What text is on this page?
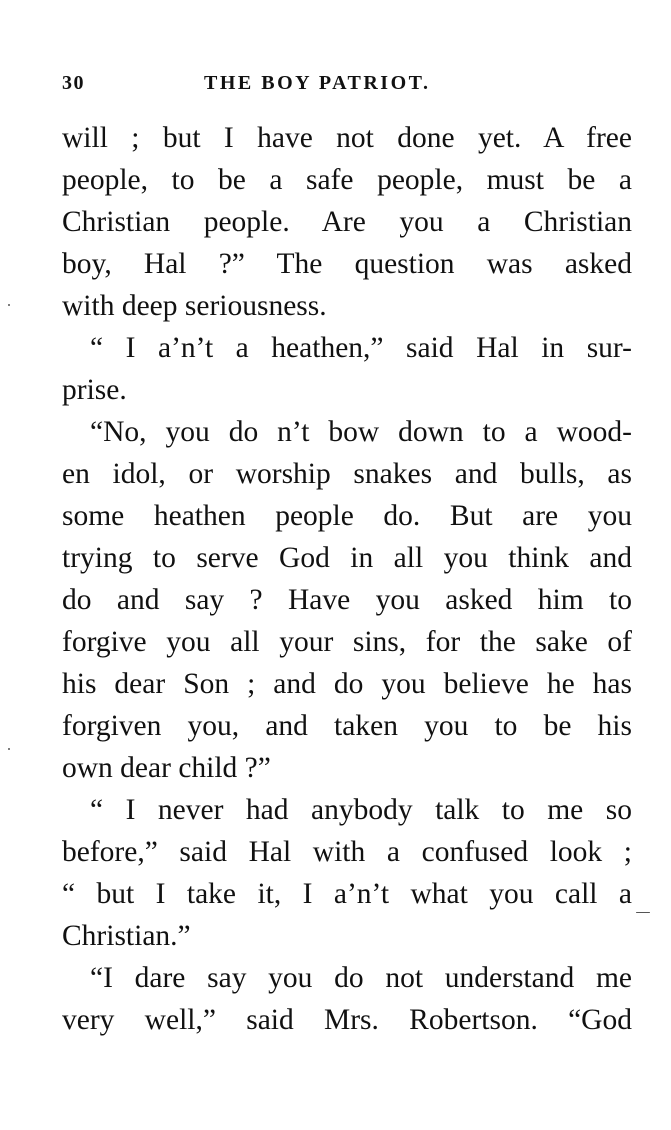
30	THE BOY PATRIOT.
will ; but I have not done yet. A free
people, to be a safe people, must be a
Christian people. Are you a Christian
boy, Hal ?” The question was asked
with deep seriousness.
“ I a’n’t a heathen,” said Hal in sur-
prise.
“No, you do n’t bow down to a wood-
en idol, or worship snakes and bulls, as
some heathen people do. But are you
trying to serve God in all you think and
do and say ? Have you asked him to
forgive you all your sins, for the sake of
his dear Son ; and do you believe he has
forgiven you, and taken you to be his
own dear child ?”
“ I never had anybody talk to me so
before,” said Hal with a confused look ;
“ but I take it, I a’n’t what you call a
Christian.”
“I dare say you do not understand me
very well,” said Mrs. Robertson. “God
